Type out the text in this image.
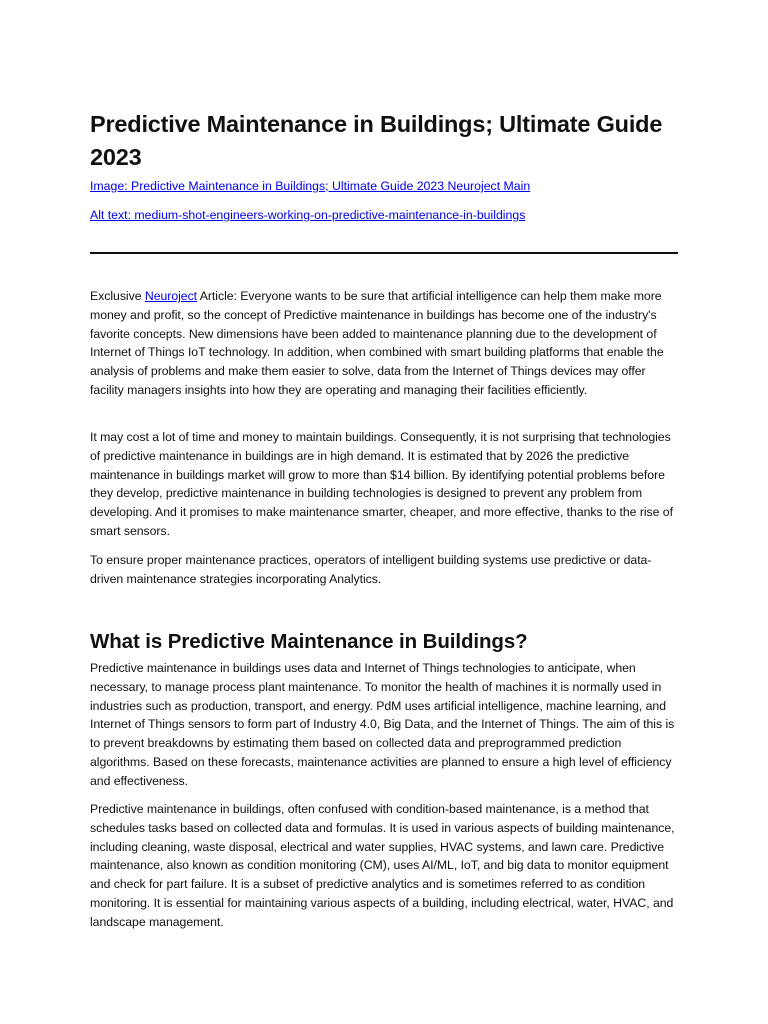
Predictive Maintenance in Buildings; Ultimate Guide 2023
Image: Predictive Maintenance in Buildings; Ultimate Guide 2023 Neuroject Main
Alt text: medium-shot-engineers-working-on-predictive-maintenance-in-buildings

Exclusive Neuroject Article: Everyone wants to be sure that artificial intelligence can help them make more money and profit, so the concept of Predictive maintenance in buildings has become one of the industry's favorite concepts. New dimensions have been added to maintenance planning due to the development of Internet of Things IoT technology. In addition, when combined with smart building platforms that enable the analysis of problems and make them easier to solve, data from the Internet of Things devices may offer facility managers insights into how they are operating and managing their facilities efficiently.

It may cost a lot of time and money to maintain buildings. Consequently, it is not surprising that technologies of predictive maintenance in buildings are in high demand. It is estimated that by 2026 the predictive maintenance in buildings market will grow to more than $14 billion. By identifying potential problems before they develop, predictive maintenance in building technologies is designed to prevent any problem from developing. And it promises to make maintenance smarter, cheaper, and more effective, thanks to the rise of smart sensors.

To ensure proper maintenance practices, operators of intelligent building systems use predictive or data-driven maintenance strategies incorporating Analytics.

What is Predictive Maintenance in Buildings?

Predictive maintenance in buildings uses data and Internet of Things technologies to anticipate, when necessary, to manage process plant maintenance. To monitor the health of machines it is normally used in industries such as production, transport, and energy. PdM uses artificial intelligence, machine learning, and Internet of Things sensors to form part of Industry 4.0, Big Data, and the Internet of Things. The aim of this is to prevent breakdowns by estimating them based on collected data and preprogrammed prediction algorithms. Based on these forecasts, maintenance activities are planned to ensure a high level of efficiency and effectiveness.

Predictive maintenance in buildings, often confused with condition-based maintenance, is a method that schedules tasks based on collected data and formulas. It is used in various aspects of building maintenance, including cleaning, waste disposal, electrical and water supplies, HVAC systems, and lawn care. Predictive maintenance, also known as condition monitoring (CM), uses AI/ML, IoT, and big data to monitor equipment and check for part failure. It is a subset of predictive analytics and is sometimes referred to as condition monitoring. It is essential for maintaining various aspects of a building, including electrical, water, HVAC, and landscape management.
